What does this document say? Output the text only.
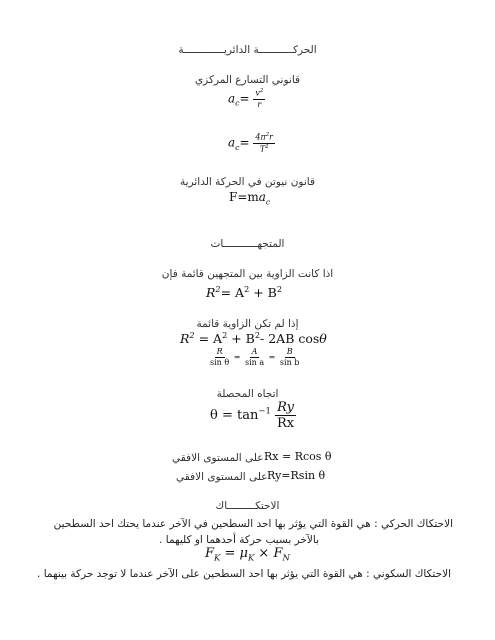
الحركـــــــــــة الدائريـــــــــــــة
قانوني التسارع المركزي
$a_c= \frac{v^2}{r}$
$a_c= \frac{4\pi^2r}{T^2}$
قانون نيوتن في الحركة الدائرية
$F=ma_c$
المتجهـــــــــــات
اذا كانت الزاوية بين المتجهين قائمة فإن
$R^2= A^2 + B^2$
إذا لم تكن الزاوية قائمة
$R^2 = A^2 + B^2-$ 2AB cosθ
$\frac{R}{\text{sin θ}} = \frac{A}{\text{sin a}} = \frac{B}{\text{sin b}}$
اتجاه المحصلة
$\theta = \tan^{-1} \frac{Ry}{Rx}$
على المستوى الافقي Rx = Rcos θ
على المستوى الافقي Ry=Rsin θ
الاحتكـــــــــاك
الاحتكاك الحركي : هي القوة التي يؤثر بها احد السطحين في الآخر عندما يحتك احد السطحين
بالآخر بسبب حركة أحدهما او كليهما .
$F_K = \mu_K \times F_N$
الاحتكاك السكوني : هي القوة التي يؤثر بها احد السطحين على الآخر عندما لا توجد حركة بينهما .
